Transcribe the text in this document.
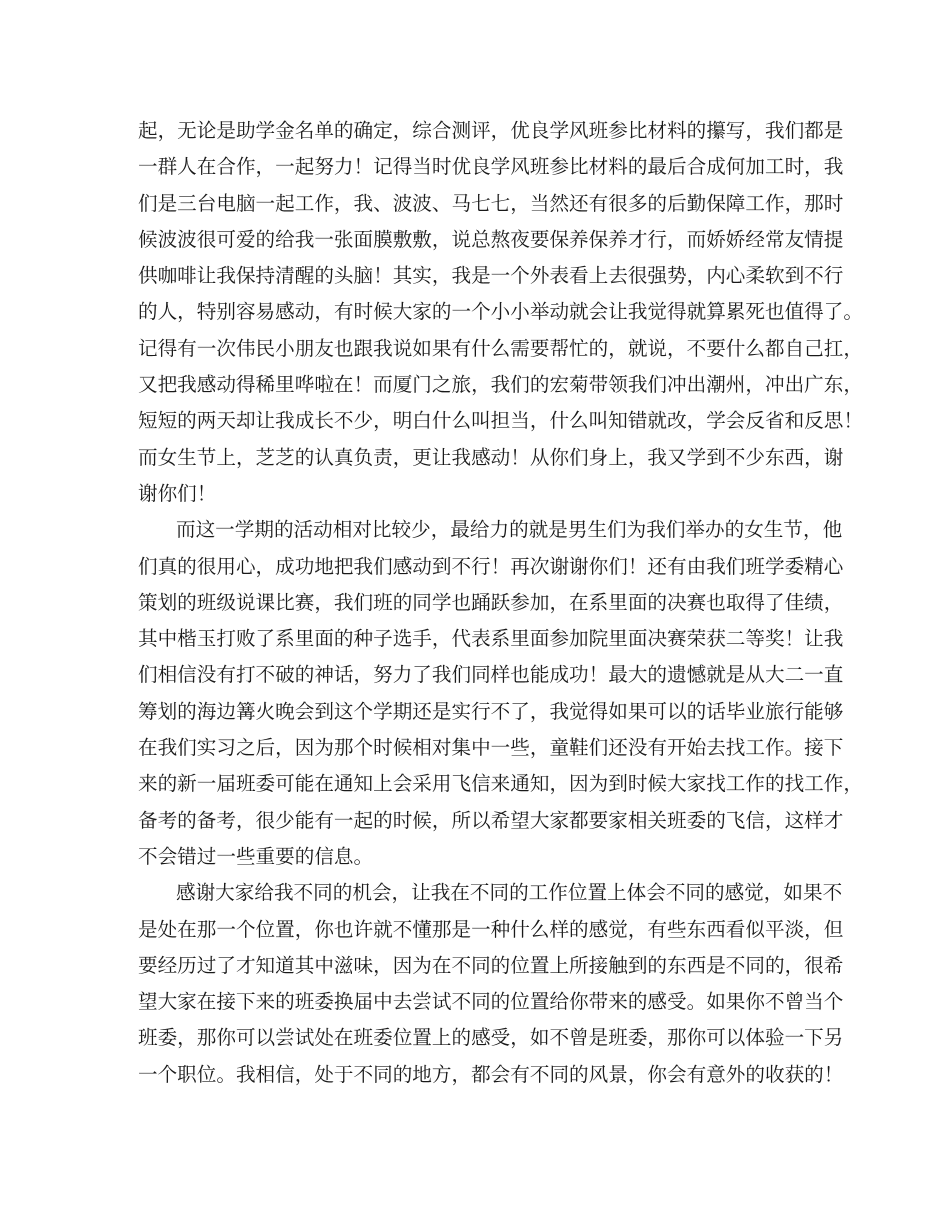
起，无论是助学金名单的确定，综合测评，优良学风班参比材料的攥写，我们都是
一群人在合作，一起努力！记得当时优良学风班参比材料的最后合成何加工时，我
们是三台电脑一起工作，我、波波、马七七，当然还有很多的后勤保障工作，那时
候波波很可爱的给我一张面膜敷敷，说总熬夜要保养保养才行，而娇娇经常友情提
供咖啡让我保持清醒的头脑！其实，我是一个外表看上去很强势，内心柔软到不行
的人，特别容易感动，有时候大家的一个小小举动就会让我觉得就算累死也值得了。
记得有一次伟民小朋友也跟我说如果有什么需要帮忙的，就说，不要什么都自己扛，
又把我感动得稀里哗啦在！而厦门之旅，我们的宏菊带领我们冲出潮州，冲出广东，
短短的两天却让我成长不少，明白什么叫担当，什么叫知错就改，学会反省和反思！
而女生节上，芝芝的认真负责，更让我感动！从你们身上，我又学到不少东西，谢
谢你们！
而这一学期的活动相对比较少，最给力的就是男生们为我们举办的女生节，他
们真的很用心，成功地把我们感动到不行！再次谢谢你们！还有由我们班学委精心
策划的班级说课比赛，我们班的同学也踊跃参加，在系里面的决赛也取得了佳绩，
其中楷玉打败了系里面的种子选手，代表系里面参加院里面决赛荣获二等奖！让我
们相信没有打不破的神话，努力了我们同样也能成功！最大的遗憾就是从大二一直
筹划的海边篝火晚会到这个学期还是实行不了，我觉得如果可以的话毕业旅行能够
在我们实习之后，因为那个时候相对集中一些，童鞋们还没有开始去找工作。接下
来的新一届班委可能在通知上会采用飞信来通知，因为到时候大家找工作的找工作，
备考的备考，很少能有一起的时候，所以希望大家都要家相关班委的飞信，这样才
不会错过一些重要的信息。
感谢大家给我不同的机会，让我在不同的工作位置上体会不同的感觉，如果不
是处在那一个位置，你也许就不懂那是一种什么样的感觉，有些东西看似平淡，但
要经历过了才知道其中滋味，因为在不同的位置上所接触到的东西是不同的，很希
望大家在接下来的班委换届中去尝试不同的位置给你带来的感受。如果你不曾当个
班委，那你可以尝试处在班委位置上的感受，如不曾是班委，那你可以体验一下另
一个职位。我相信，处于不同的地方，都会有不同的风景，你会有意外的收获的！
